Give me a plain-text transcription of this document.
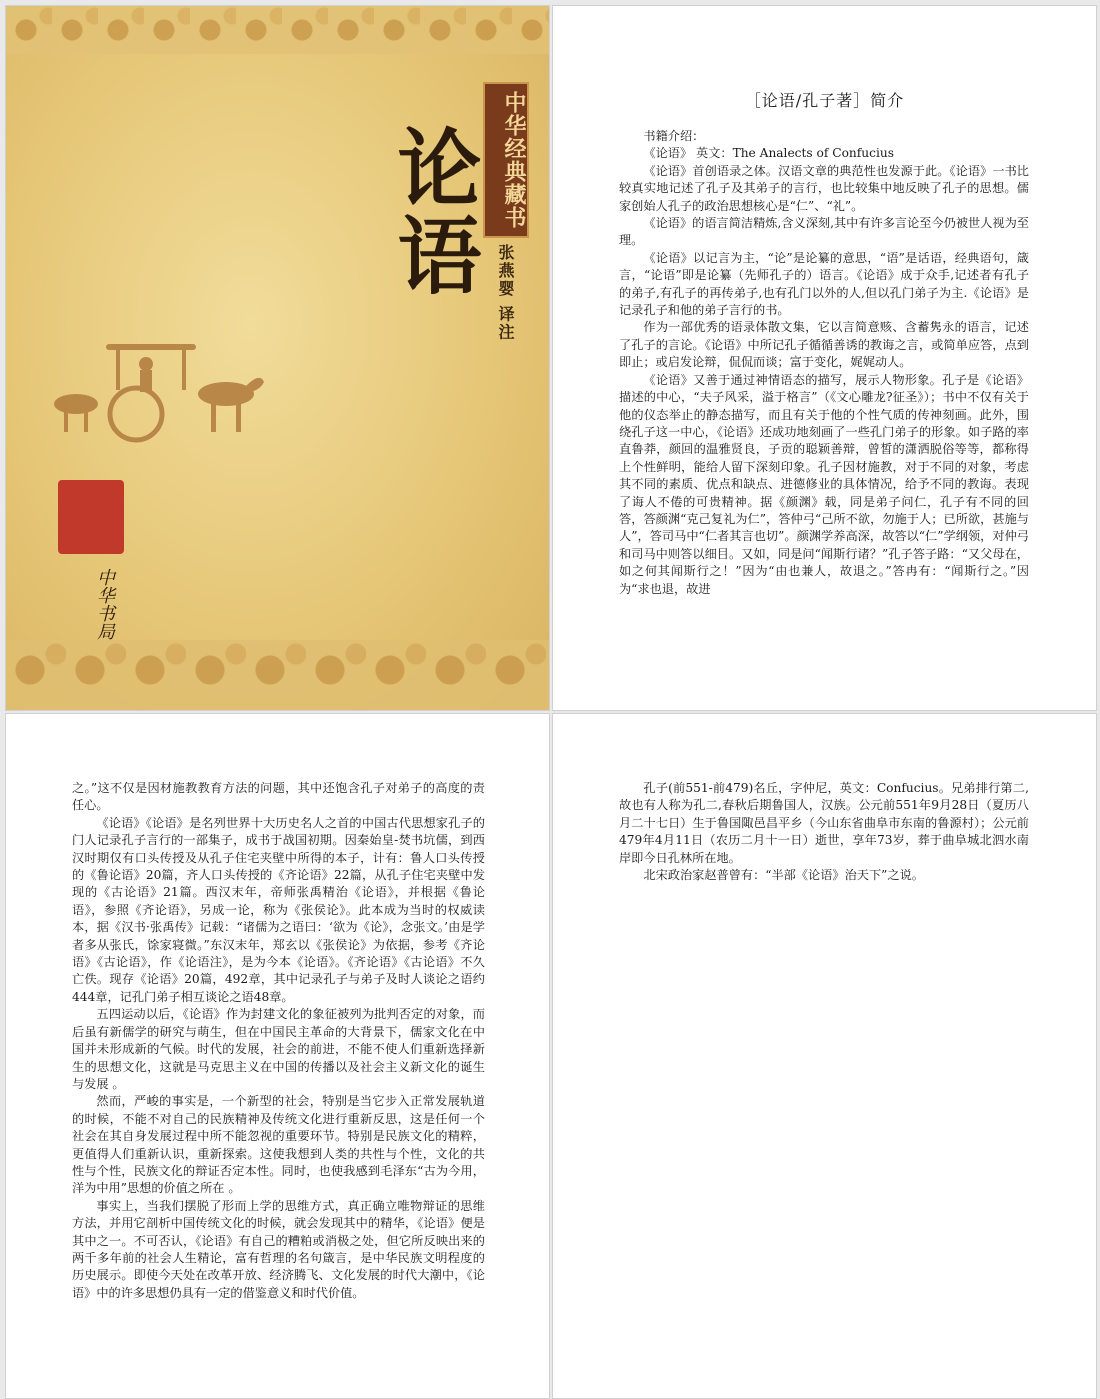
中华经典藏书
论语 张燕婴 译注
中华书局
［论语/孔子著］简介

书籍介绍：

《论语》 英文：The Analects of Confucius

《论语》首创语录之体。汉语文章的典范性也发源于此。《论语》一书比较真实地记述了孔子及其弟子的言行，也比较集中地反映了孔子的思想。儒家创始人孔子的政治思想核心是“仁”、“礼”。

《论语》的语言简洁精炼,含义深刻,其中有许多言论至今仍被世人视为至理。

《论语》以记言为主，“论”是论纂的意思，“语”是话语，经典语句，箴言，“论语”即是论纂（先师孔子的）语言。《论语》成于众手,记述者有孔子的弟子,有孔子的再传弟子,也有孔门以外的人,但以孔门弟子为主.《论语》是记录孔子和他的弟子言行的书。

作为一部优秀的语录体散文集，它以言简意赅、含蓄隽永的语言，记述了孔子的言论。《论语》中所记孔子循循善诱的教诲之言，或简单应答，点到即止；或启发论辩，侃侃而谈；富于变化，娓娓动人。

《论语》又善于通过神情语态的描写，展示人物形象。孔子是《论语》描述的中心，“夫子风采，溢于格言”（《文心雕龙?征圣》）；书中不仅有关于他的仪态举止的静态描写，而且有关于他的个性气质的传神刻画。此外，围绕孔子这一中心，《论语》还成功地刻画了一些孔门弟子的形象。如子路的率直鲁莽，颜回的温雅贤良，子贡的聪颖善辩，曾皙的潇洒脱俗等等，都称得上个性鲜明，能给人留下深刻印象。孔子因材施教，对于不同的对象，考虑其不同的素质、优点和缺点、进德修业的具体情况，给予不同的教诲。表现了诲人不倦的可贵精神。据《颜渊》载，同是弟子问仁，孔子有不同的回答，答颜渊“克己复礼为仁”，答仲弓“己所不欲，勿施于人；已所欲，甚施与人”，答司马中“仁者其言也切”。颜渊学养高深，故答以“仁”学纲领，对仲弓和司马中则答以细目。又如，同是问“闻斯行诸？”孔子答子路：“又父母在，如之何其闻斯行之！”因为“由也兼人，故退之。”答冉有：“闻斯行之。”因为“求也退，故进

之。”这不仅是因材施教教育方法的问题，其中还饱含孔子对弟子的高度的责任心。

《论语》《论语》是名列世界十大历史名人之首的中国古代思想家孔子的门人记录孔子言行的一部集子，成书于战国初期。因秦始皇-焚书坑儒，到西汉时期仅有口头传授及从孔子住宅夹壁中所得的本子，计有：鲁人口头传授的《鲁论语》20篇，齐人口头传授的《齐论语》22篇，从孔子住宅夹壁中发现的《古论语》21篇。西汉末年，帝师张禹精治《论语》，并根据《鲁论语》，参照《齐论语》，另成一论，称为《张侯论》。此本成为当时的权威读本，据《汉书·张禹传》记载：“诸儒为之语曰：‘欲为《论》，念张文。’由是学者多从张氏，馀家寝微。”东汉末年，郑玄以《张侯论》为依据，参考《齐论语》《古论语》，作《论语注》，是为今本《论语》。《齐论语》《古论语》不久亡佚。现存《论语》20篇，492章，其中记录孔子与弟子及时人谈论之语约444章，记孔门弟子相互谈论之语48章。

五四运动以后，《论语》作为封建文化的象征被列为批判否定的对象，而后虽有新儒学的研究与萌生，但在中国民主革命的大背景下，儒家文化在中国并未形成新的气候。时代的发展，社会的前进，不能不使人们重新选择新生的思想文化，这就是马克思主义在中国的传播以及社会主义新文化的诞生与发展 。

然而，严峻的事实是，一个新型的社会，特别是当它步入正常发展轨道的时候，不能不对自己的民族精神及传统文化进行重新反思，这是任何一个社会在其自身发展过程中所不能忽视的重要环节。特别是民族文化的精粹，更值得人们重新认识，重新探索。这使我想到人类的共性与个性，文化的共性与个性，民族文化的辩证否定本性。同时，也使我感到毛泽东“古为今用，洋为中用”思想的价值之所在 。

事实上，当我们摆脱了形而上学的思维方式，真正确立唯物辩证的思维方法，并用它剖析中国传统文化的时候，就会发现其中的精华，《论语》便是其中之一。不可否认，《论语》有自己的糟粕或消极之处，但它所反映出来的两千多年前的社会人生精论，富有哲理的名句箴言，是中华民族文明程度的历史展示。即使今天处在改革开放、经济腾飞、文化发展的时代大潮中，《论语》中的许多思想仍具有一定的借鉴意义和时代价值。

孔子(前551-前479)名丘，字仲尼，英文：Confucius。兄弟排行第二,故也有人称为孔二,春秋后期鲁国人，汉族。公元前551年9月28日（夏历八月二十七日）生于鲁国陬邑昌平乡（今山东省曲阜市东南的鲁源村）；公元前479年4月11日（农历二月十一日）逝世，享年73岁，葬于曲阜城北泗水南岸即今日孔林所在地。

北宋政治家赵普曾有：“半部《论语》治天下”之说。
